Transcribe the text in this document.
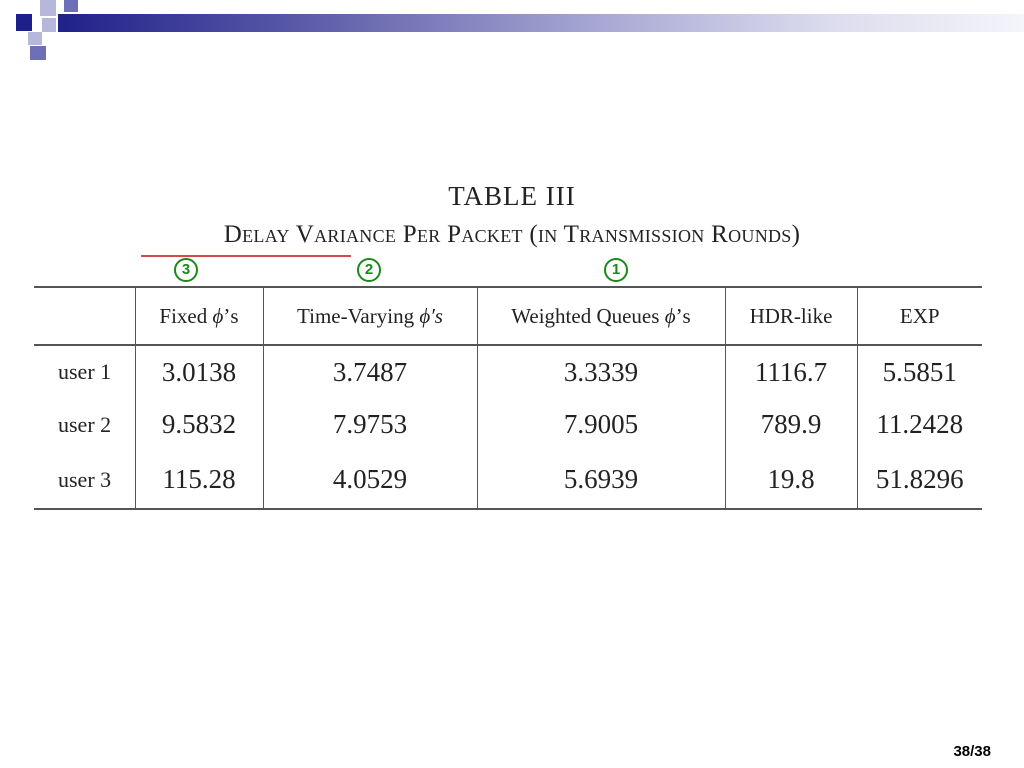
TABLE III
Delay Variance Per Packet (in Transmission Rounds)
3	2	1
	Fixed ϕ’s	Time-Varying ϕ′s	Weighted Queues ϕ’s	HDR-like	EXP
user 1	3.0138	3.7487	3.3339	1116.7	5.5851
user 2	9.5832	7.9753	7.9005	789.9	11.2428
user 3	115.28	4.0529	5.6939	19.8	51.8296
38/38
